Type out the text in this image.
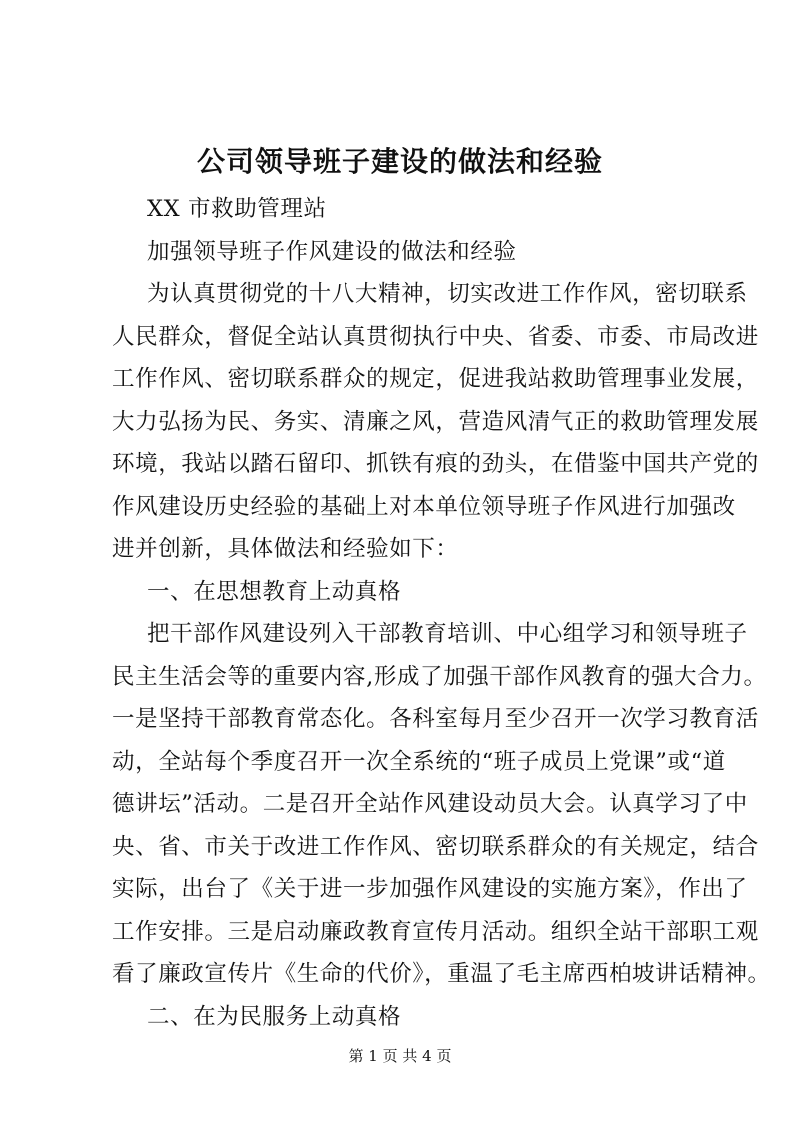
公司领导班子建设的做法和经验
XX 市救助管理站
加强领导班子作风建设的做法和经验
为认真贯彻党的十八大精神，切实改进工作作风，密切联系
人民群众，督促全站认真贯彻执行中央、省委、市委、市局改进
工作作风、密切联系群众的规定，促进我站救助管理事业发展，
大力弘扬为民、务实、清廉之风，营造风清气正的救助管理发展
环境，我站以踏石留印、抓铁有痕的劲头，在借鉴中国共产党的
作风建设历史经验的基础上对本单位领导班子作风进行加强改
进并创新，具体做法和经验如下：
一、在思想教育上动真格
把干部作风建设列入干部教育培训、中心组学习和领导班子
民主生活会等的重要内容,形成了加强干部作风教育的强大合力。
一是坚持干部教育常态化。各科室每月至少召开一次学习教育活
动，全站每个季度召开一次全系统的“班子成员上党课”或“道
德讲坛”活动。二是召开全站作风建设动员大会。认真学习了中
央、省、市关于改进工作作风、密切联系群众的有关规定，结合
实际，出台了《关于进一步加强作风建设的实施方案》，作出了
工作安排。三是启动廉政教育宣传月活动。组织全站干部职工观
看了廉政宣传片《生命的代价》，重温了毛主席西柏坡讲话精神。
二、在为民服务上动真格
第 1 页 共 4 页
